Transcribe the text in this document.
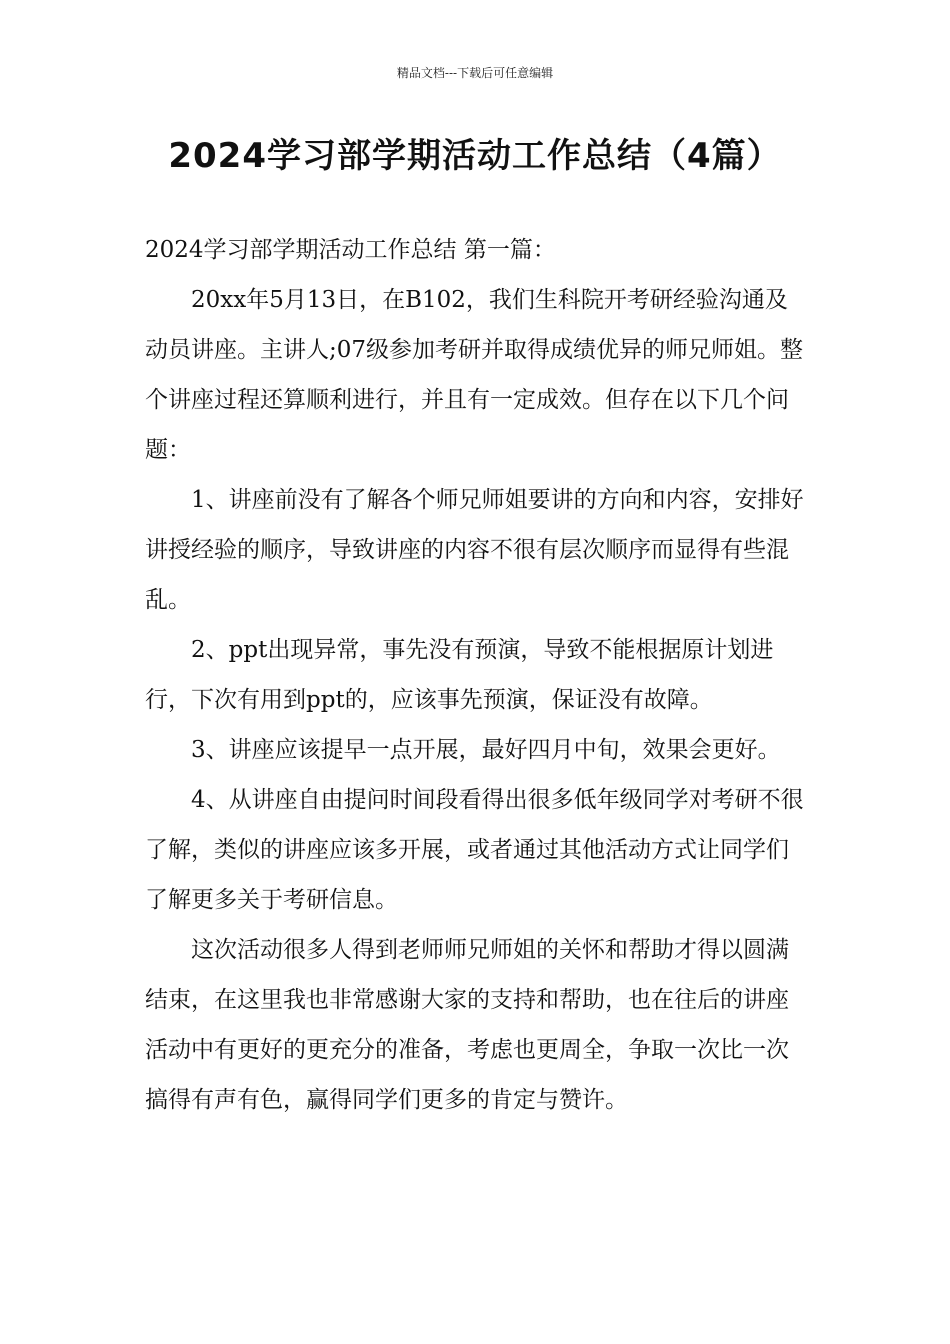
精品文档---下载后可任意编辑
2024学习部学期活动工作总结（4篇）

2024学习部学期活动工作总结 第一篇：

20xx年5月13日，在B102，我们生科院开考研经验沟通及动员讲座。主讲人;07级参加考研并取得成绩优异的师兄师姐。整个讲座过程还算顺利进行，并且有一定成效。但存在以下几个问题：

1、讲座前没有了解各个师兄师姐要讲的方向和内容，安排好讲授经验的顺序，导致讲座的内容不很有层次顺序而显得有些混乱。

2、ppt出现异常，事先没有预演，导致不能根据原计划进行，下次有用到ppt的，应该事先预演，保证没有故障。

3、讲座应该提早一点开展，最好四月中旬，效果会更好。

4、从讲座自由提问时间段看得出很多低年级同学对考研不很了解，类似的讲座应该多开展，或者通过其他活动方式让同学们了解更多关于考研信息。

这次活动很多人得到老师师兄师姐的关怀和帮助才得以圆满结束，在这里我也非常感谢大家的支持和帮助，也在往后的讲座活动中有更好的更充分的准备，考虑也更周全，争取一次比一次搞得有声有色，赢得同学们更多的肯定与赞许。
